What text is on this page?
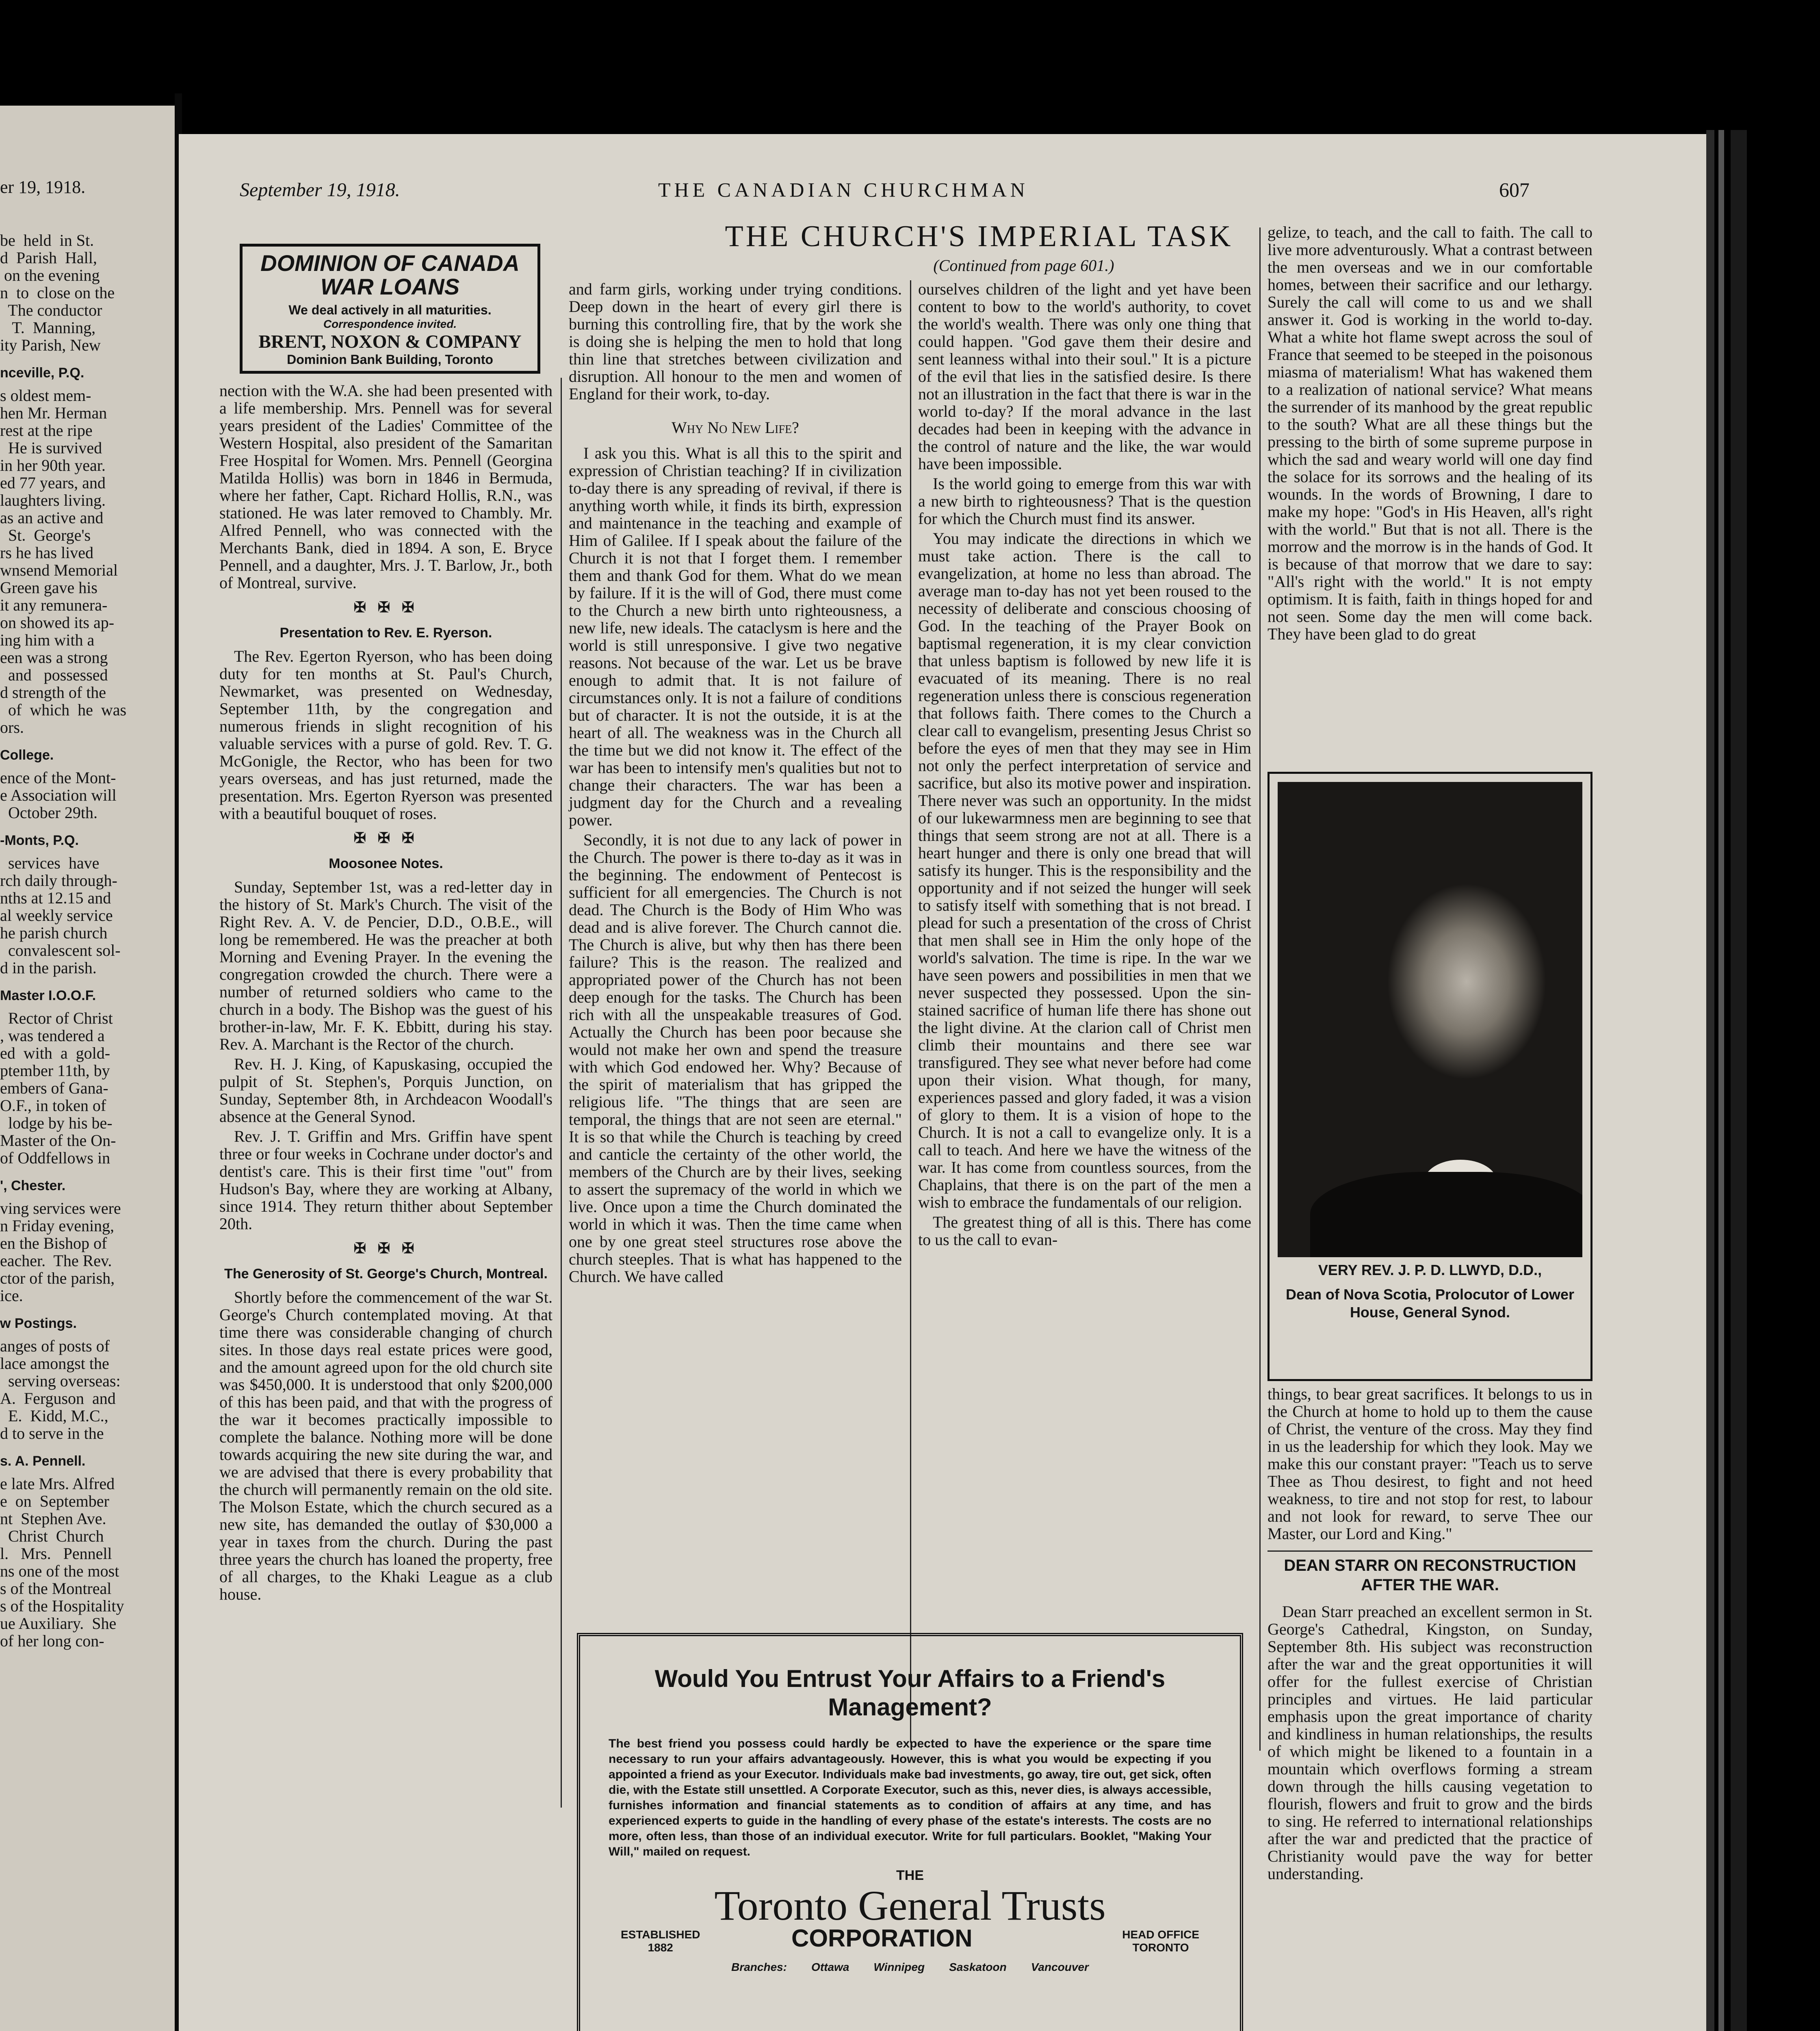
er 19, 1918.
be  held  in St.
d  Parish  Hall,
on the evening
n  to  close on the
The conductor
T.  Manning,
ity Parish, New
nceville, P.Q.
s oldest mem-
hen Mr. Herman
rest at the ripe
He is survived
in her 90th year.
ed 77 years, and
laughters living.
as an active and
St.  George's
rs he has lived
wnsend Memorial
Green gave his
it any remunera-
on showed its ap-
ing him with a
een was a strong
and   possessed
d strength of the
of  which  he  was
ors.
College.
ence of the Mont-
e Association will
October 29th.
-Monts, P.Q.
services  have
rch daily through-
nths at 12.15 and
al weekly service
he parish church
convalescent sol-
d in the parish.
Master I.O.O.F.
Rector of Christ
, was tendered a
ed  with  a  gold-
ptember 11th, by
embers of Gana-
O.F., in token of
lodge by his be-
Master of the On-
of Oddfellows in
', Chester.
ving services were
n Friday evening,
en the Bishop of
eacher.  The Rev.
ctor of the parish,
ice.
w Postings.
anges of posts of
lace amongst the
serving overseas:
A.  Ferguson  and
E.  Kidd, M.C.,
d to serve in the
s. A. Pennell.
e late Mrs. Alfred
e  on  September
nt  Stephen Ave.
Christ  Church
l.   Mrs.   Pennell
ns one of the most
s of the Montreal
s of the Hospitality
ue Auxiliary.  She
of her long con-
September 19, 1918.	THE CANADIAN CHURCHMAN	607
DOMINION OF CANADA
WAR LOANS
We deal actively in all maturities.
Correspondence invited.
BRENT, NOXON & COMPANY
Dominion Bank Building, Toronto
THE CHURCH'S IMPERIAL TASK
(Continued from page 601.)

nection with the W.A. she had been presented with a life membership. Mrs. Pennell was for several years president of the Ladies' Committee of the Western Hospital, also president of the Samaritan Free Hospital for Women. Mrs. Pennell (Georgina Matilda Hollis) was born in 1846 in Bermuda, where her father, Capt. Richard Hollis, R.N., was stationed. He was later removed to Chambly. Mr. Alfred Pennell, who was connected with the Merchants Bank, died in 1894. A son, E. Bryce Pennell, and a daughter, Mrs. J. T. Barlow, Jr., both of Montreal, survive.

✠ ✠ ✠
Presentation to Rev. E. Ryerson.

The Rev. Egerton Ryerson, who has been doing duty for ten months at St. Paul's Church, Newmarket, was presented on Wednesday, September 11th, by the congregation and numerous friends in slight recognition of his valuable services with a purse of gold. Rev. T. G. McGonigle, the Rector, who has been for two years overseas, and has just returned, made the presentation. Mrs. Egerton Ryerson was presented with a beautiful bouquet of roses.

✠ ✠ ✠
Moosonee Notes.

Sunday, September 1st, was a red-letter day in the history of St. Mark's Church. The visit of the Right Rev. A. V. de Pencier, D.D., O.B.E., will long be remembered. He was the preacher at both Morning and Evening Prayer. In the evening the congregation crowded the church. There were a number of returned soldiers who came to the church in a body. The Bishop was the guest of his brother-in-law, Mr. F. K. Ebbitt, during his stay. Rev. A. Marchant is the Rector of the church.

Rev. H. J. King, of Kapuskasing, occupied the pulpit of St. Stephen's, Porquis Junction, on Sunday, September 8th, in Archdeacon Woodall's absence at the General Synod.

Rev. J. T. Griffin and Mrs. Griffin have spent three or four weeks in Cochrane under doctor's and dentist's care. This is their first time "out" from Hudson's Bay, where they are working at Albany, since 1914. They return thither about September 20th.

✠ ✠ ✠
The Generosity of St. George's Church, Montreal.

Shortly before the commencement of the war St. George's Church contemplated moving. At that time there was considerable changing of church sites. In those days real estate prices were good, and the amount agreed upon for the old church site was $450,000. It is understood that only $200,000 of this has been paid, and that with the progress of the war it becomes practically impossible to complete the balance. Nothing more will be done towards acquiring the new site during the war, and we are advised that there is every probability that the church will permanently remain on the old site. The Molson Estate, which the church secured as a new site, has demanded the outlay of $30,000 a year in taxes from the church. During the past three years the church has loaned the property, free of all charges, to the Khaki League as a club house.

and farm girls, working under trying conditions. Deep down in the heart of every girl there is burning this controlling fire, that by the work she is doing she is helping the men to hold that long thin line that stretches between civilization and disruption. All honour to the men and women of England for their work, to-day.

Why No New Life?

I ask you this. What is all this to the spirit and expression of Christian teaching? If in civilization to-day there is any spreading of revival, if there is anything worth while, it finds its birth, expression and maintenance in the teaching and example of Him of Galilee. If I speak about the failure of the Church it is not that I forget them. I remember them and thank God for them. What do we mean by failure. If it is the will of God, there must come to the Church a new birth unto righteousness, a new life, new ideals. The cataclysm is here and the world is still unresponsive. I give two negative reasons. Not because of the war. Let us be brave enough to admit that. It is not failure of circumstances only. It is not a failure of conditions but of character. It is not the outside, it is at the heart of all. The weakness was in the Church all the time but we did not know it. The effect of the war has been to intensify men's qualities but not to change their characters. The war has been a judgment day for the Church and a revealing power.

Secondly, it is not due to any lack of power in the Church. The power is there to-day as it was in the beginning. The endowment of Pentecost is sufficient for all emergencies. The Church is not dead. The Church is the Body of Him Who was dead and is alive forever. The Church cannot die. The Church is alive, but why then has there been failure? This is the reason. The realized and appropriated power of the Church has not been deep enough for the tasks. The Church has been rich with all the unspeakable treasures of God. Actually the Church has been poor because she would not make her own and spend the treasure with which God endowed her. Why? Because of the spirit of materialism that has gripped the religious life. "The things that are seen are temporal, the things that are not seen are eternal." It is so that while the Church is teaching by creed and canticle the certainty of the other world, the members of the Church are by their lives, seeking to assert the supremacy of the world in which we live. Once upon a time the Church dominated the world in which it was. Then the time came when one by one great steel structures rose above the church steeples. That is what has happened to the Church. We have called

ourselves children of the light and yet have been content to bow to the world's authority, to covet the world's wealth. There was only one thing that could happen. "God gave them their desire and sent leanness withal into their soul." It is a picture of the evil that lies in the satisfied desire. Is there not an illustration in the fact that there is war in the world to-day? If the moral advance in the last decades had been in keeping with the advance in the control of nature and the like, the war would have been impossible.

Is the world going to emerge from this war with a new birth to righteousness? That is the question for which the Church must find its answer.

You may indicate the directions in which we must take action. There is the call to evangelization, at home no less than abroad. The average man to-day has not yet been roused to the necessity of deliberate and conscious choosing of God. In the teaching of the Prayer Book on baptismal regeneration, it is my clear conviction that unless baptism is followed by new life it is evacuated of its meaning. There is no real regeneration unless there is conscious regeneration that follows faith. There comes to the Church a clear call to evangelism, presenting Jesus Christ so before the eyes of men that they may see in Him not only the perfect interpretation of service and sacrifice, but also its motive power and inspiration. There never was such an opportunity. In the midst of our lukewarmness men are beginning to see that things that seem strong are not at all. There is a heart hunger and there is only one bread that will satisfy its hunger. This is the responsibility and the opportunity and if not seized the hunger will seek to satisfy itself with something that is not bread. I plead for such a presentation of the cross of Christ that men shall see in Him the only hope of the world's salvation. The time is ripe. In the war we have seen powers and possibilities in men that we never suspected they possessed. Upon the sin-stained sacrifice of human life there has shone out the light divine. At the clarion call of Christ men climb their mountains and there see war transfigured. They see what never before had come upon their vision. What though, for many, experiences passed and glory faded, it was a vision of glory to them. It is a vision of hope to the Church. It is not a call to evangelize only. It is a call to teach. And here we have the witness of the war. It has come from countless sources, from the Chaplains, that there is on the part of the men a wish to embrace the fundamentals of our religion.

The greatest thing of all is this. There has come to us the call to evan-

gelize, to teach, and the call to faith. The call to live more adventurously. What a contrast between the men overseas and we in our comfortable homes, between their sacrifice and our lethargy. Surely the call will come to us and we shall answer it. God is working in the world to-day. What a white hot flame swept across the soul of France that seemed to be steeped in the poisonous miasma of materialism! What has wakened them to a realization of national service? What means the surrender of its manhood by the great republic to the south? What are all these things but the pressing to the birth of some supreme purpose in which the sad and weary world will one day find the solace for its sorrows and the healing of its wounds. In the words of Browning, I dare to make my hope: "God's in His Heaven, all's right with the world." But that is not all. There is the morrow and the morrow is in the hands of God. It is because of that morrow that we dare to say: "All's right with the world." It is not empty optimism. It is faith, faith in things hoped for and not seen. Some day the men will come back. They have been glad to do great

VERY REV. J. P. D. LLWYD, D.D.,
Dean of Nova Scotia, Prolocutor of Lower House, General Synod.

things, to bear great sacrifices. It belongs to us in the Church at home to hold up to them the cause of Christ, the venture of the cross. May they find in us the leadership for which they look. May we make this our constant prayer: "Teach us to serve Thee as Thou desirest, to fight and not heed weakness, to tire and not stop for rest, to labour and not look for reward, to serve Thee our Master, our Lord and King."

DEAN STARR ON RECONSTRUCTION AFTER THE WAR.

Dean Starr preached an excellent sermon in St. George's Cathedral, Kingston, on Sunday, September 8th. His subject was reconstruction after the war and the great opportunities it will offer for the fullest exercise of Christian principles and virtues. He laid particular emphasis upon the great importance of charity and kindliness in human relationships, the results of which might be likened to a fountain in a mountain which overflows forming a stream down through the hills causing vegetation to flourish, flowers and fruit to grow and the birds to sing. He referred to international relationships after the war and predicted that the practice of Christianity would pave the way for better understanding.

Would You Entrust Your Affairs to a Friend's Management?
The best friend you possess could hardly be expected to have the experience or the spare time necessary to run your affairs advantageously. However, this is what you would be expecting if you appointed a friend as your Executor. Individuals make bad investments, go away, tire out, get sick, often die, with the Estate still unsettled. A Corporate Executor, such as this, never dies, is always accessible, furnishes information and financial statements as to condition of affairs at any time, and has experienced experts to guide in the handling of every phase of the estate's interests. The costs are no more, often less, than those of an individual executor. Write for full particulars. Booklet, "Making Your Will," mailed on request.
THE
Toronto General Trusts
ESTABLISHED
1882	CORPORATION	HEAD OFFICE
TORONTO
Branches: Ottawa Winnipeg Saskatoon Vancouver
